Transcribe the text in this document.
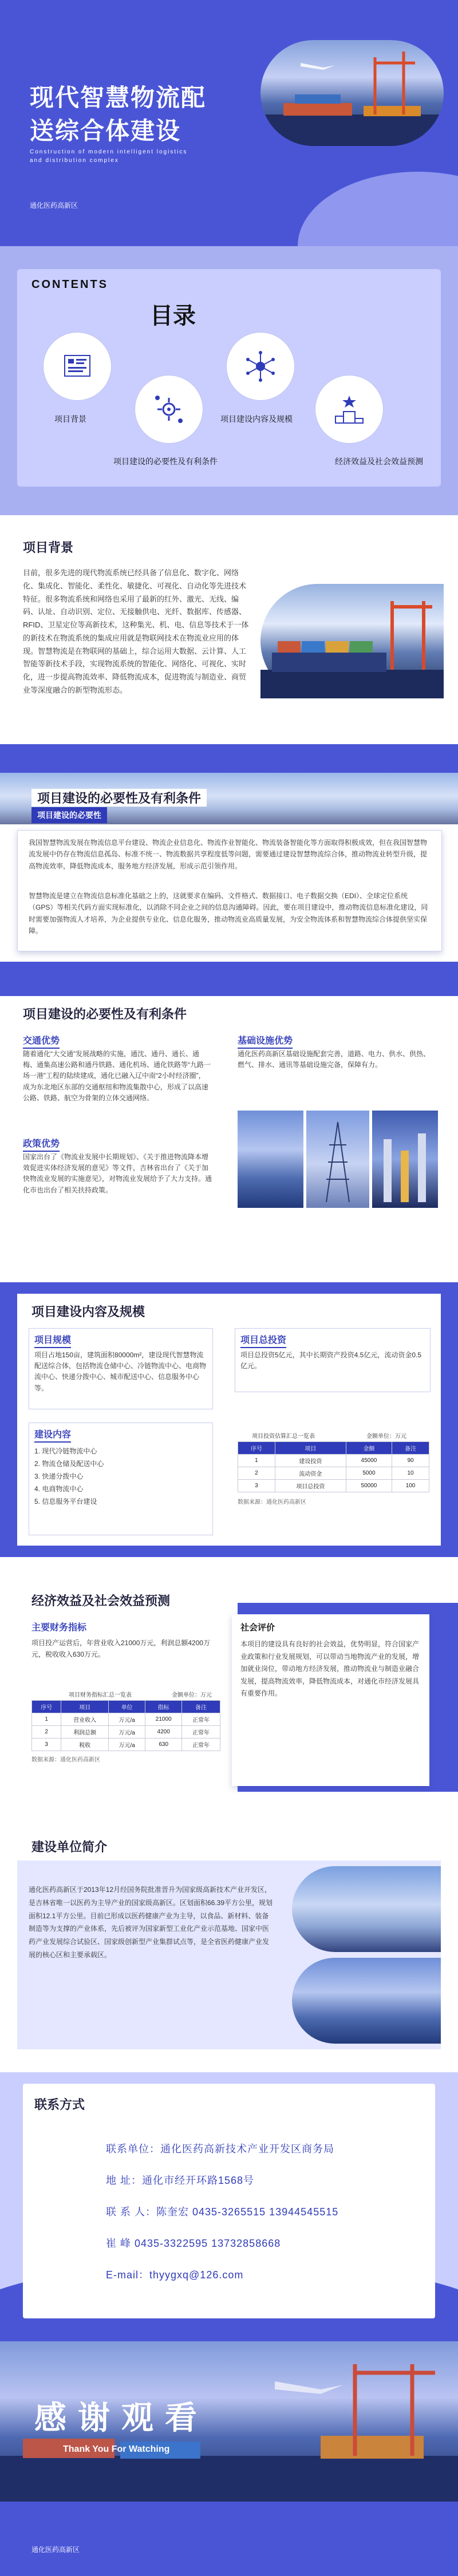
现代智慧物流配
送综合体建设
Construction of modern intelligent logistics and distribution complex
通化医药高新区
CONTENTS
目录
项目背景
项目建设的必要性及有利条件
项目建设内容及规模
经济效益及社会效益预测
项目背景
目前，很多先进的现代物流系统已经具备了信息化、数字化、网络化、集成化、智能化、柔性化、敏捷化、可视化、自动化等先进技术特征。很多物流系统和网络也采用了最新的红外、激光、无线、编码、认址、自动识别、定位、无接触供电、光纤、数据库、传感器、RFID、卫星定位等高新技术，这种集光、机、电、信息等技术于一体的新技术在物流系统的集成应用就是物联网技术在物流业应用的体现。智慧物流是在物联网的基础上，综合运用大数据、云计算、人工智能等新技术手段，实现物流系统的智能化、网络化、可视化、实时化，进一步提高物流效率、降低物流成本，促进物流与制造业、商贸业等深度融合的新型物流形态。
项目建设的必要性及有利条件
项目建设的必要性
我国智慧物流发展在物流信息平台建设、物流企业信息化、物流作业智能化、物流装备智能化等方面取得积极成效，但在我国智慧物流发展中仍存在物流信息孤岛、标准不统一、物流数据共享程度低等问题，需要通过建设智慧物流综合体，推动物流业转型升级，提高物流效率，降低物流成本，服务地方经济发展，形成示范引领作用。
智慧物流是建立在物流信息标准化基础之上的，这就要求在编码、文件格式、数据接口、电子数据交换（EDI）、全球定位系统（GPS）等相关代码方面实现标准化，以消除不同企业之间的信息沟通障碍。因此，要在项目建设中，推动物流信息标准化建设，同时需要加强物流人才培养，为企业提供专业化、信息化服务，推动物流业高质量发展，为安全物流体系和智慧物流综合体提供坚实保障。
项目建设的必要性及有利条件
交通优势
随着通化“大交通”发展战略的实施，通沈、通丹、通长、通梅、通集高速公路和通丹铁路、通化机场、通化铁路等“九路一场一港”工程的陆续建成，通化已融入辽中南“2小时经济圈”，成为东北地区东部的交通枢纽和物流集散中心，形成了以高速公路、铁路、航空为骨架的立体交通网络。
基础设施优势
通化医药高新区基础设施配套完善，道路、电力、供水、供热、燃气、排水、通讯等基础设施完备，保障有力。
政策优势
国家出台了《物流业发展中长期规划》、《关于推进物流降本增效促进实体经济发展的意见》等文件，吉林省出台了《关于加快物流业发展的实施意见》，对物流业发展给予了大力支持。通化市也出台了相关扶持政策。
项目建设内容及规模
项目规模
项目占地150亩，建筑面积80000m²，建设现代智慧物流配送综合体，包括物流仓储中心、冷链物流中心、电商物流中心、快递分拨中心、城市配送中心、信息服务中心等。
项目总投资
项目总投资5亿元，其中长期资产投资4.5亿元，流动资金0.5亿元。
建设内容
1. 现代冷链物流中心
2. 物流仓储及配送中心
3. 快递分拨中心
4. 电商物流中心
5. 信息服务平台建设
项目投资估算汇总一览表	金额单位：万元
序号	项目	金额	备注
1	建设投资	45000	90
2	流动资金	5000	10
3	项目总投资	50000	100
数据来源：通化医药高新区
经济效益及社会效益预测
主要财务指标
项目投产运营后，年营业收入21000万元，利润总额4200万元，税收收入630万元。
项目财务指标汇总一览表	金额单位：万元
序号	项目	单位	指标	备注
1	营业收入	万元/a	21000	正常年
2	利润总额	万元/a	4200	正常年
3	税收	万元/a	630	正常年
数据来源：通化医药高新区
社会评价
本项目的建设具有良好的社会效益，优势明显，符合国家产业政策和行业发展规划，可以带动当地物流产业的发展，增加就业岗位，带动地方经济发展，推动物流业与制造业融合发展，提高物流效率，降低物流成本，对通化市经济发展具有重要作用。
建设单位简介
通化医药高新区于2013年12月经国务院批准晋升为国家级高新技术产业开发区，是吉林省唯一以医药为主导产业的国家级高新区。区划面积66.39平方公里，规划面积12.1平方公里。目前已形成以医药健康产业为主导，以食品、新材料、装备制造等为支撑的产业体系，先后被评为国家新型工业化产业示范基地、国家中医药产业发展综合试验区、国家级创新型产业集群试点等，是全省医药健康产业发展的核心区和主要承载区。
联系方式
联系单位：通化医药高新技术产业开发区商务局
地 址：通化市经开环路1568号
联 系 人：陈奎宏 0435-3265515 13944545515
崔 峰 0435-3322595 13732858668
E-mail：thyygxq@126.com
感谢观看
Thank You For Watching
通化医药高新区
